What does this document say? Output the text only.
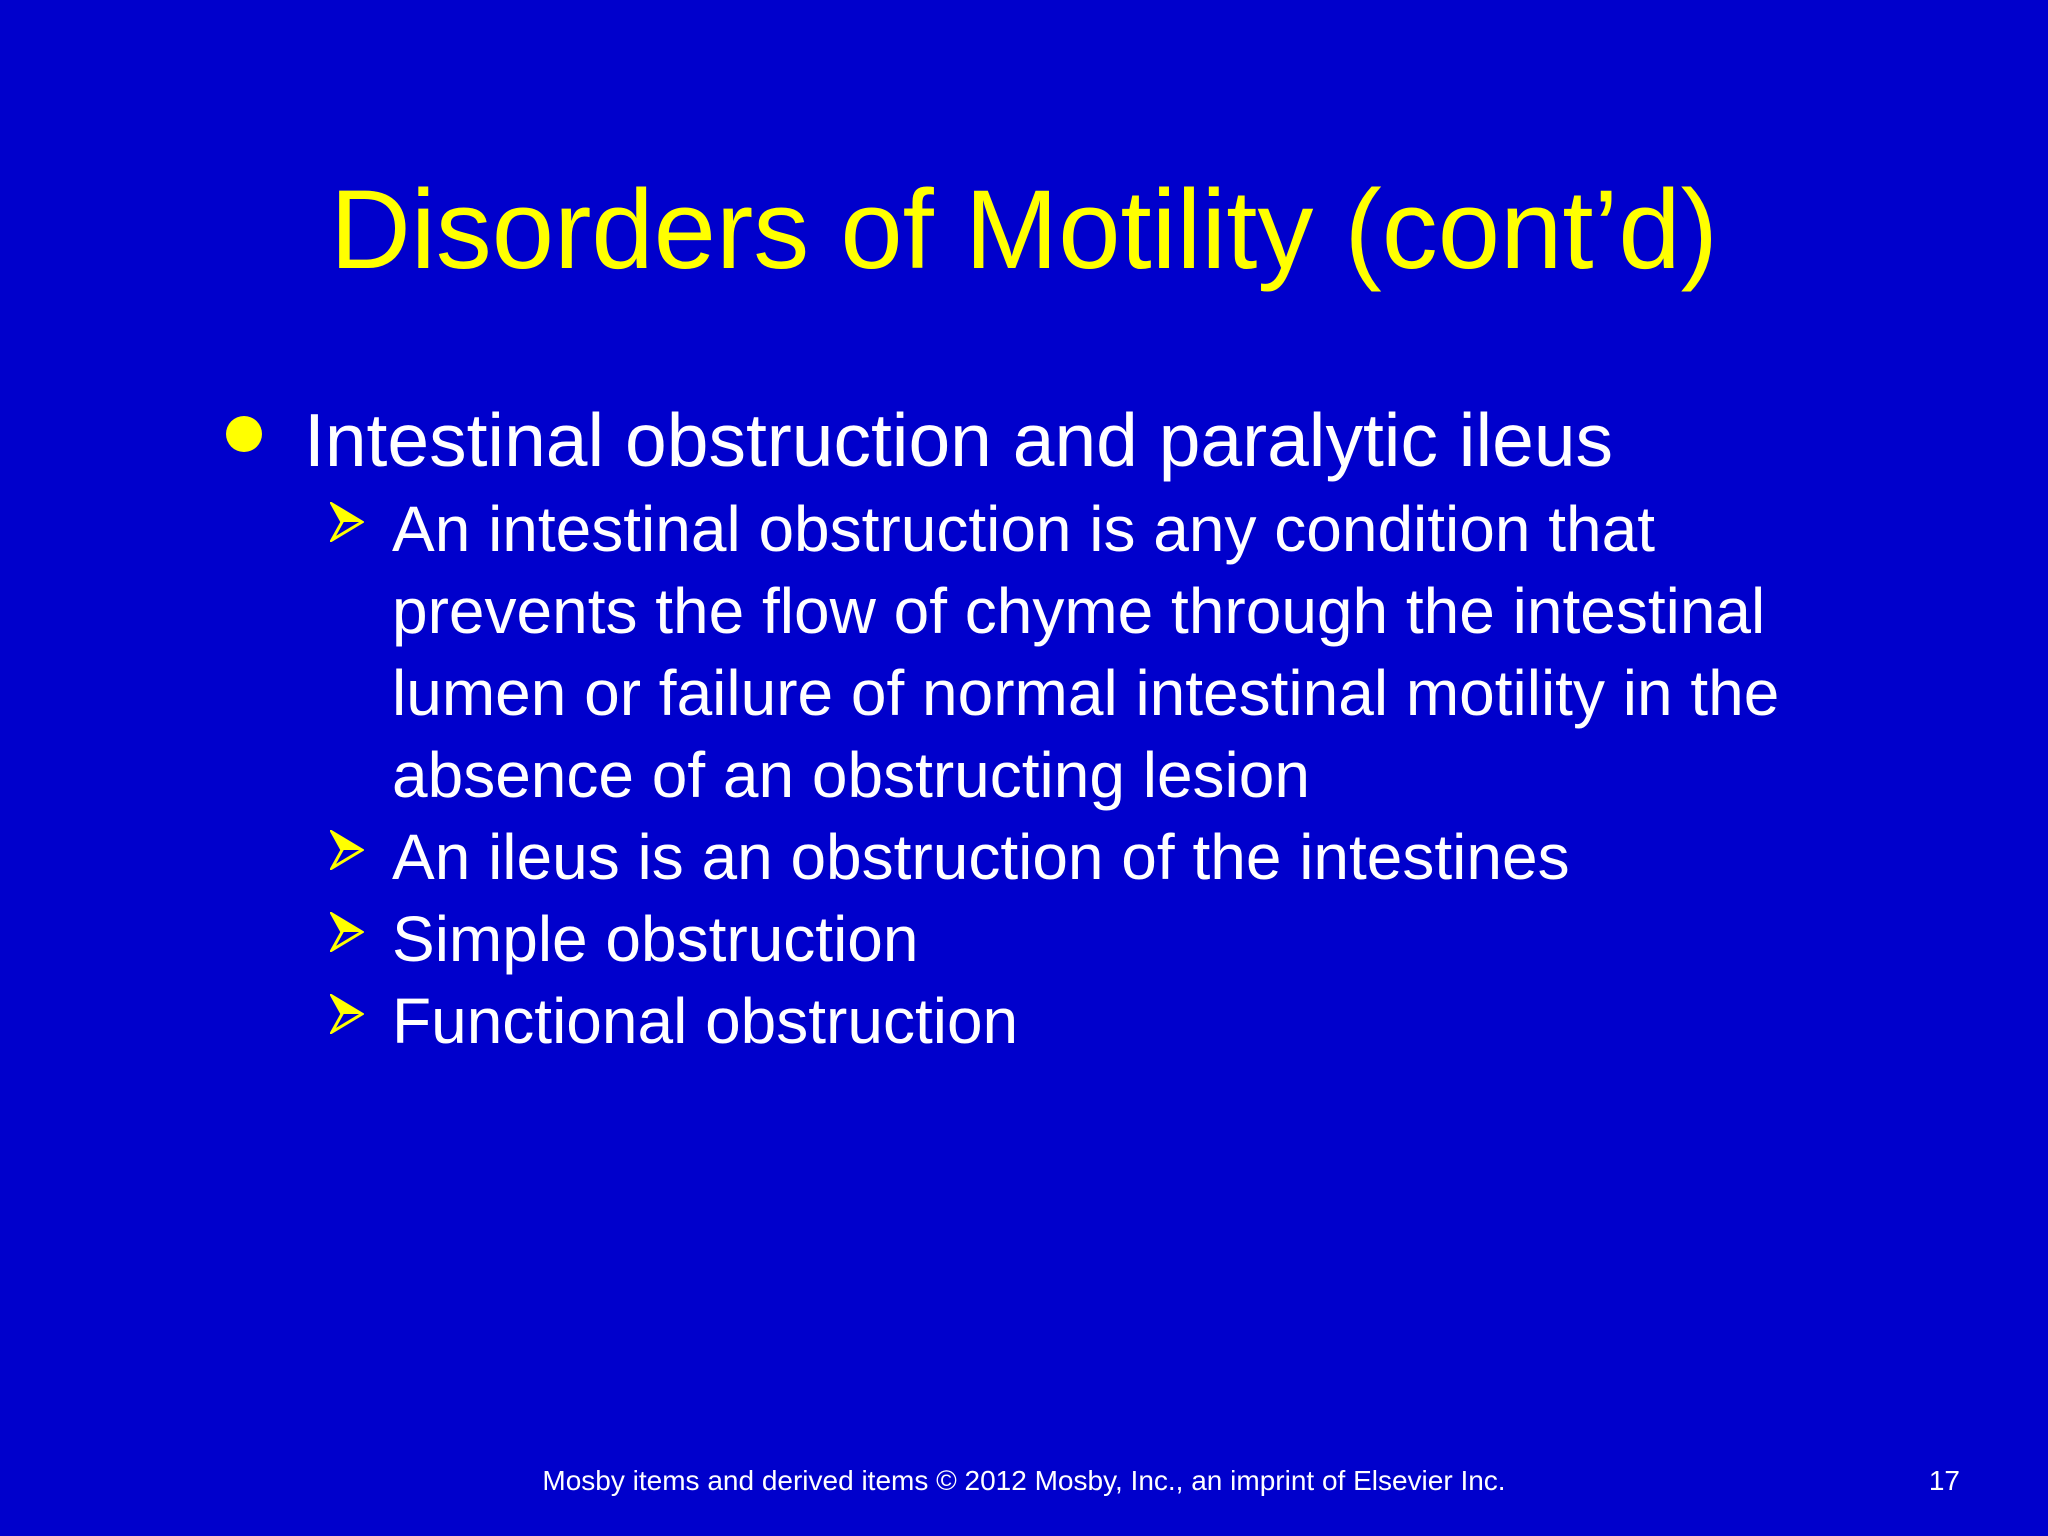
Disorders of Motility (cont’d)
Intestinal obstruction and paralytic ileus
An intestinal obstruction is any condition that prevents the flow of chyme through the intestinal lumen or failure of normal intestinal motility in the absence of an obstructing lesion
An ileus is an obstruction of the intestines
Simple obstruction
Functional obstruction
Mosby items and derived items © 2012 Mosby, Inc., an imprint of Elsevier Inc.	17
